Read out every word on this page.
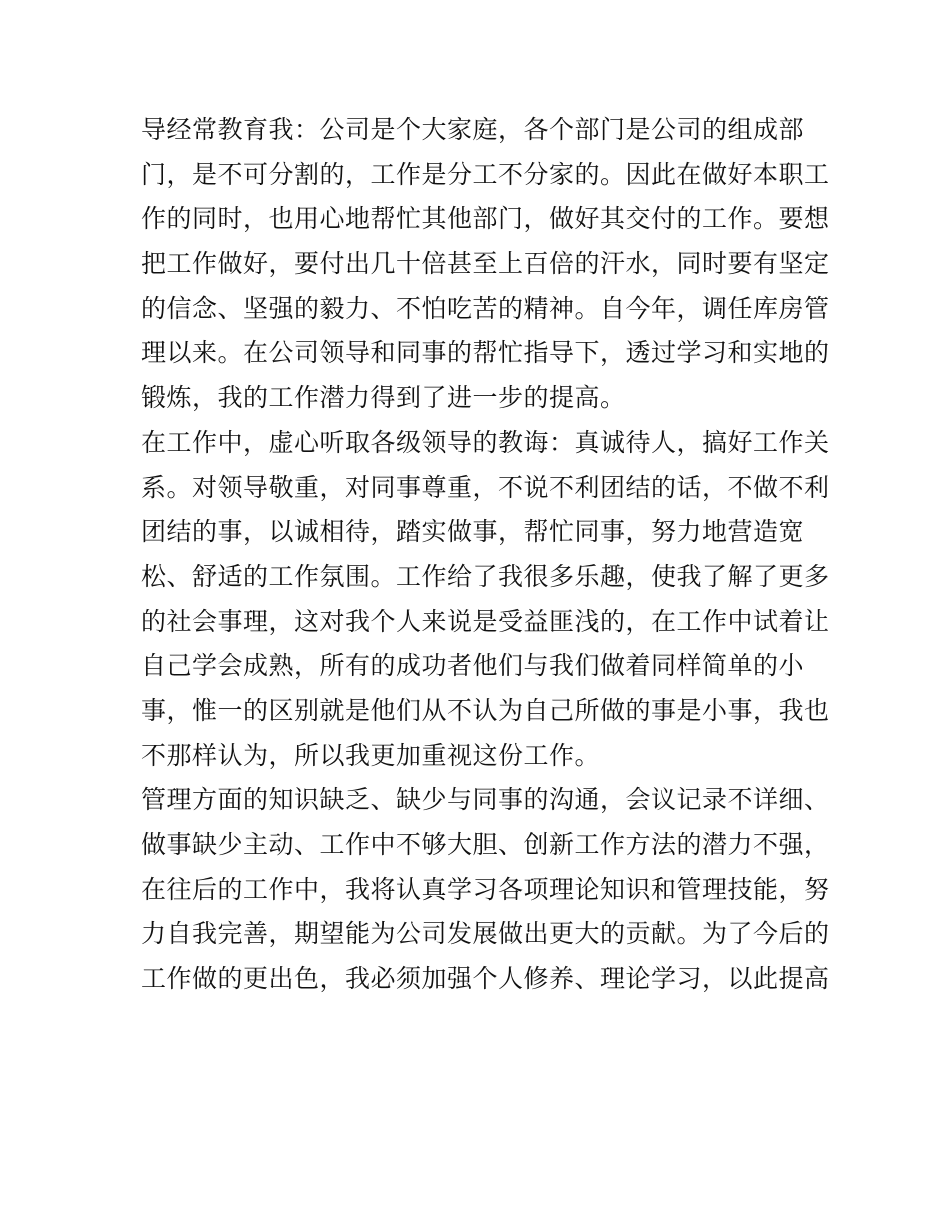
导经常教育我：公司是个大家庭，各个部门是公司的组成部
门，是不可分割的，工作是分工不分家的。因此在做好本职工
作的同时，也用心地帮忙其他部门，做好其交付的工作。要想
把工作做好，要付出几十倍甚至上百倍的汗水，同时要有坚定
的信念、坚强的毅力、不怕吃苦的精神。自今年，调任库房管
理以来。在公司领导和同事的帮忙指导下，透过学习和实地的
锻炼，我的工作潜力得到了进一步的提高。
在工作中，虚心听取各级领导的教诲：真诚待人，搞好工作关
系。对领导敬重，对同事尊重，不说不利团结的话，不做不利
团结的事，以诚相待，踏实做事，帮忙同事，努力地营造宽
松、舒适的工作氛围。工作给了我很多乐趣，使我了解了更多
的社会事理，这对我个人来说是受益匪浅的，在工作中试着让
自己学会成熟，所有的成功者他们与我们做着同样简单的小
事，惟一的区别就是他们从不认为自己所做的事是小事，我也
不那样认为，所以我更加重视这份工作。
管理方面的知识缺乏、缺少与同事的沟通，会议记录不详细、
做事缺少主动、工作中不够大胆、创新工作方法的潜力不强，
在往后的工作中，我将认真学习各项理论知识和管理技能，努
力自我完善，期望能为公司发展做出更大的贡献。为了今后的
工作做的更出色，我必须加强个人修养、理论学习，以此提高
